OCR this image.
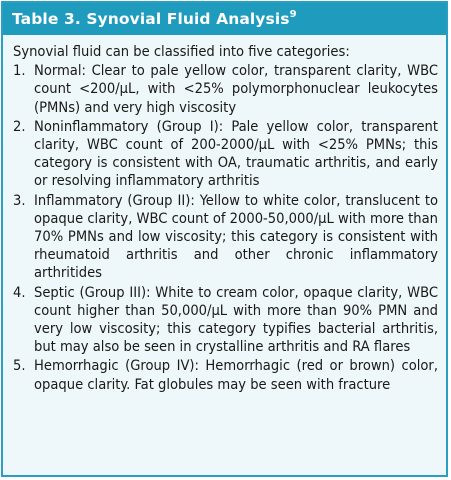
Table 3. Synovial Fluid Analysis$^9$

Synovial fluid can be classified into five categories:

1. Normal: Clear to pale yellow color, transparent clarity, WBC count <200/µL, with <25% polymorphonuclear leukocytes (PMNs) and very high viscosity
2. Noninflammatory (Group I): Pale yellow color, transparent clarity, WBC count of 200-2000/µL with <25% PMNs; this category is consistent with OA, traumatic arthritis, and early or resolving inflammatory arthritis
3. Inflammatory (Group II): Yellow to white color, translucent to opaque clarity, WBC count of 2000-50,000/µL with more than 70% PMNs and low viscosity; this category is consistent with rheumatoid arthritis and other chronic inflammatory arthritides
4. Septic (Group III): White to cream color, opaque clarity, WBC count higher than 50,000/µL with more than 90% PMN and very low viscosity; this category typifies bacterial arthritis, but may also be seen in crystalline arthritis and RA flares
5. Hemorrhagic (Group IV): Hemorrhagic (red or brown) color, opaque clarity. Fat globules may be seen with fracture
